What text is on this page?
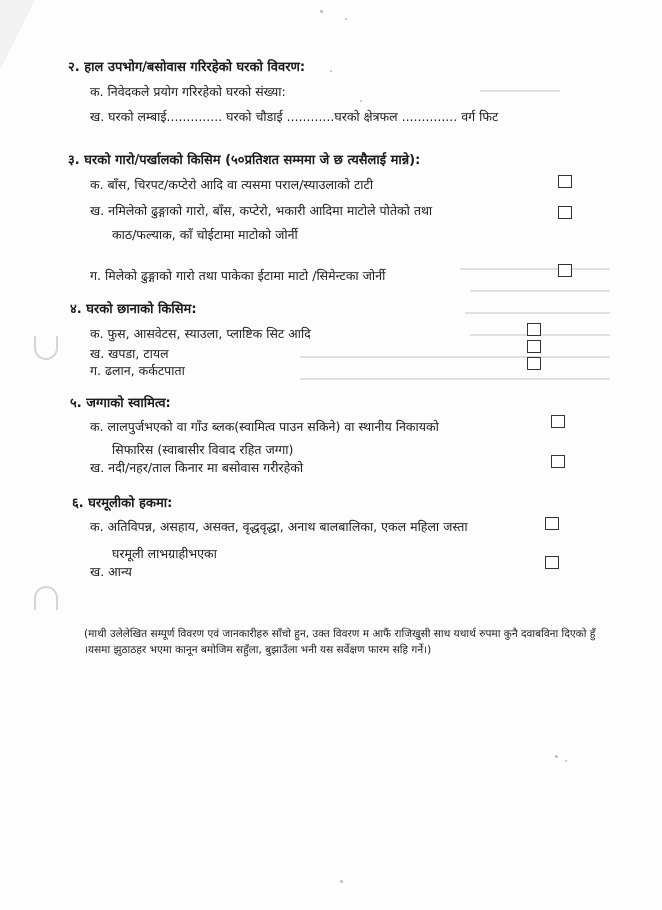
२. हाल उपभोग/बसोवास गरिरहेको घरको विवरण:
क. निवेदकले प्रयोग गरिरहेको घरको संख्या:
ख. घरको लम्बाई.............. घरको चौडाई ............घरको क्षेत्रफल .............. वर्ग फिट
३. घरको गारो/पर्खालको किसिम (५०प्रतिशत सम्ममा जे छ त्यसैलाई मान्ने):
क. बाँस, चिरपट/कप्टेरो आदि वा त्यसमा पराल/स्याउलाको टाटी
ख. नमिलेको ढुङ्गाको गारो, बाँस, कप्टेरो, भकारी आदिमा माटोले पोतेको तथा
काठ/फल्याक, काँ चोईटामा माटोको जोर्नी
ग. मिलेको ढुङ्गाको गारो तथा पाकेका ईटामा माटो /सिमेन्टका जोर्नी
४. घरको छानाको किसिम:
क. फुस, आसवेटस, स्याउला, प्लाष्टिक सिट आदि
ख. खपडा, टायल
ग. ढलान, कर्कटपाता
५. जग्गाको स्वामित्व:
क. लालपुर्जभएको वा गाँउ ब्लक(स्वामित्व पाउन सकिने) वा स्थानीय निकायको
सिफारिस (स्वाबासीर विवाद रहित जग्गा)
ख. नदी/नहर/ताल किनार मा बसोवास गरीरहेको
६. घरमूलीको हकमा:
क. अतिविपन्न, असहाय, असक्त, वृद्धवृद्धा, अनाथ बालबालिका, एकल महिला जस्ता
घरमूली लाभग्राहीभएका
ख. आन्य
(माथी उलेलेखित सम्पूर्ण विवरण एवं जानकारीहरु साँचो हुन, उक्त विवरण म आफैं राजिखुसी साथ यथार्थ रुपमा कुनै दवाबविना दिएको हुँ
।यसमा झुठाठहर भएमा कानून बमोजिम सहुँला, बुझाउँला भनी यस सर्वेक्षण फारम सहि गर्ने।)
